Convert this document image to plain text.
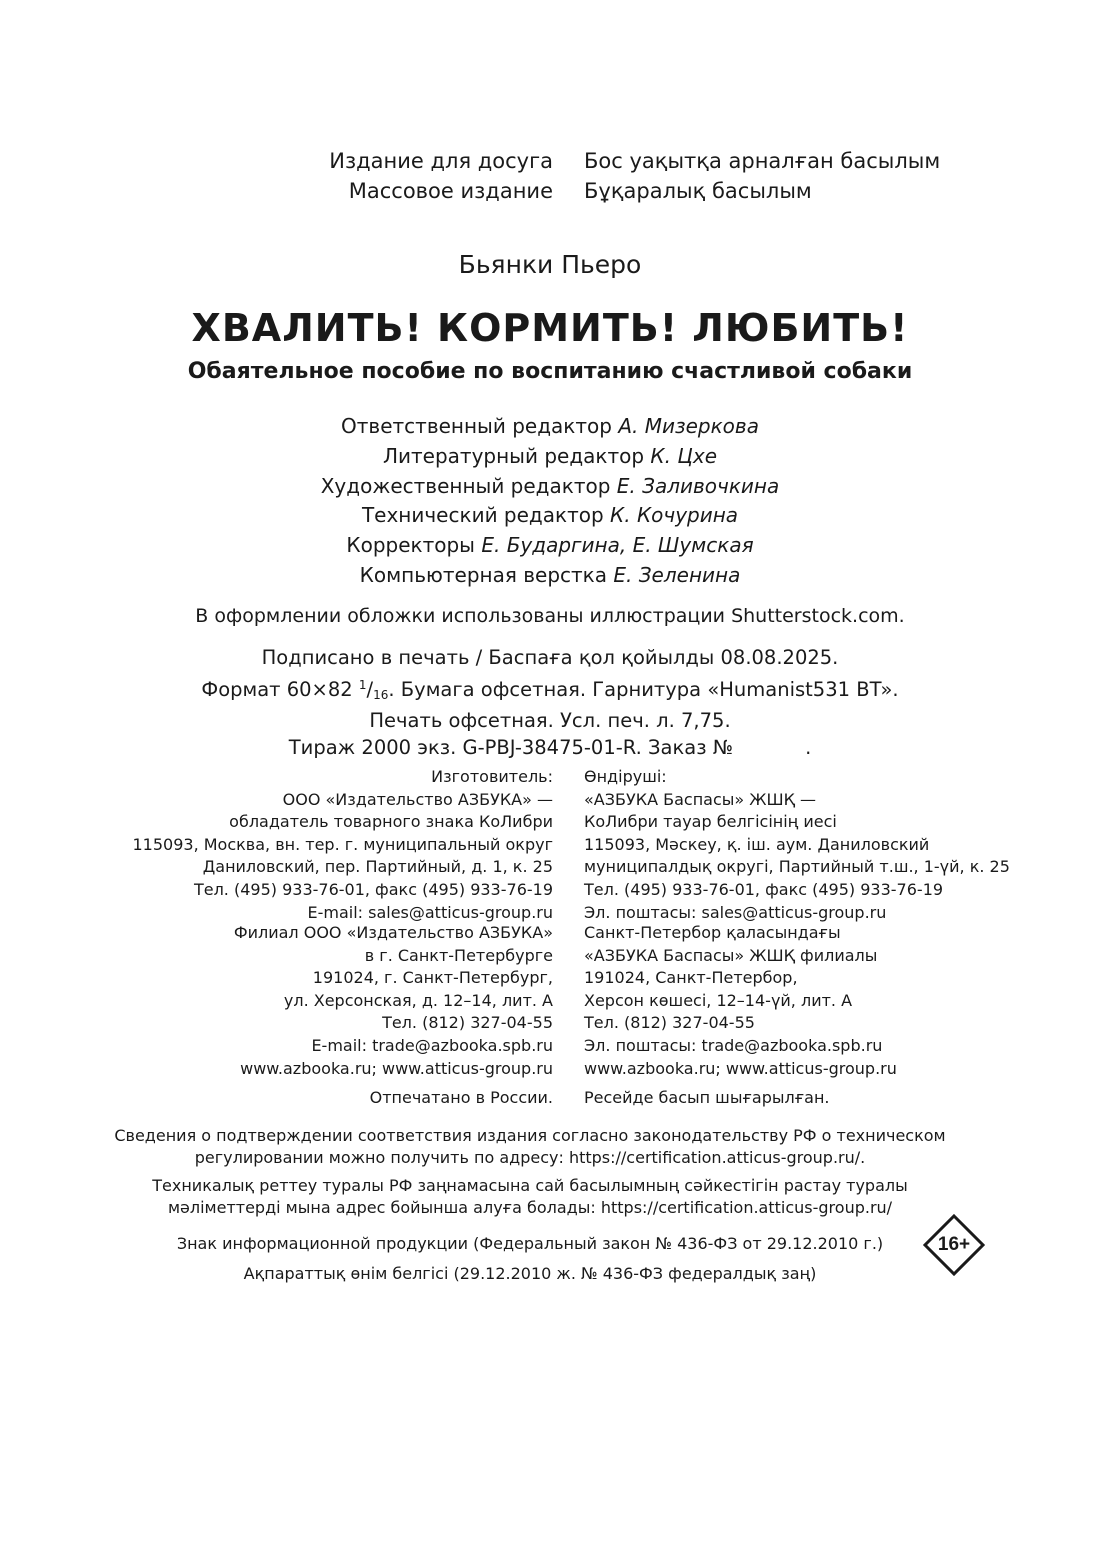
Издание для досуга	Бос уақытқа арналған басылым
Массовое издание	Бұқаралық басылым
Бьянки Пьеро
ХВАЛИТЬ! КОРМИТЬ! ЛЮБИТЬ!
Обаятельное пособие по воспитанию счастливой собаки
Ответственный редактор А. Мизеркова
Литературный редактор К. Цхе
Художественный редактор Е. Заливочкина
Технический редактор К. Кочурина
Корректоры Е. Бударгина, Е. Шумская
Компьютерная верстка Е. Зеленина
В оформлении обложки использованы иллюстрации Shutterstock.com.
Подписано в печать / Баспаға қол қойылды 08.08.2025.
Формат 60×82 $^1/_{16}$. Бумага офсетная. Гарнитура «Humanist531 BT».
Печать офсетная. Усл. печ. л. 7,75.
Тираж 2000 экз. G-PBJ-38475-01-R. Заказ №	.
Изготовитель:	Өндіруші:
ООО «Издательство АЗБУКА» —	«АЗБУКА Баспасы» ЖШҚ —
обладатель товарного знака КоЛибри	КоЛибри тауар белгісінің иесі
115093, Москва, вн. тер. г. муниципальный округ	115093, Мәскеу, қ. іш. аум. Даниловский
Даниловский, пер. Партийный, д. 1, к. 25	муниципалдық округі, Партийный т.ш., 1-үй, к. 25
Тел. (495) 933-76-01, факс (495) 933-76-19	Тел. (495) 933-76-01, факс (495) 933-76-19
E-mail: sales@atticus-group.ru	Эл. поштасы: sales@atticus-group.ru
Филиал ООО «Издательство АЗБУКА»	Санкт-Петербор қаласындағы
в г. Санкт-Петербурге	«АЗБУКА Баспасы» ЖШҚ филиалы
191024, г. Санкт-Петербург,	191024, Санкт-Петербор,
ул. Херсонская, д. 12–14, лит. А	Херсон көшесі, 12–14-үй, лит. А
Тел. (812) 327-04-55	Тел. (812) 327-04-55
E-mail: trade@azbooka.spb.ru	Эл. поштасы: trade@azbooka.spb.ru
www.azbooka.ru; www.atticus-group.ru	www.azbooka.ru; www.atticus-group.ru
Отпечатано в России.	Ресейде басып шығарылған.
Сведения о подтверждении соответствия издания согласно законодательству РФ о техническом
регулировании можно получить по адресу: https://certification.atticus-group.ru/.
Техникалық реттеу туралы РФ заңнамасына сай басылымның сәйкестігін растау туралы
мәліметтерді мына адрес бойынша алуға болады: https://certification.atticus-group.ru/
Знак информационной продукции (Федеральный закон № 436-ФЗ от 29.12.2010 г.)
Ақпараттық өнім белгісі (29.12.2010 ж. № 436-ФЗ федералдық заң)
16+
